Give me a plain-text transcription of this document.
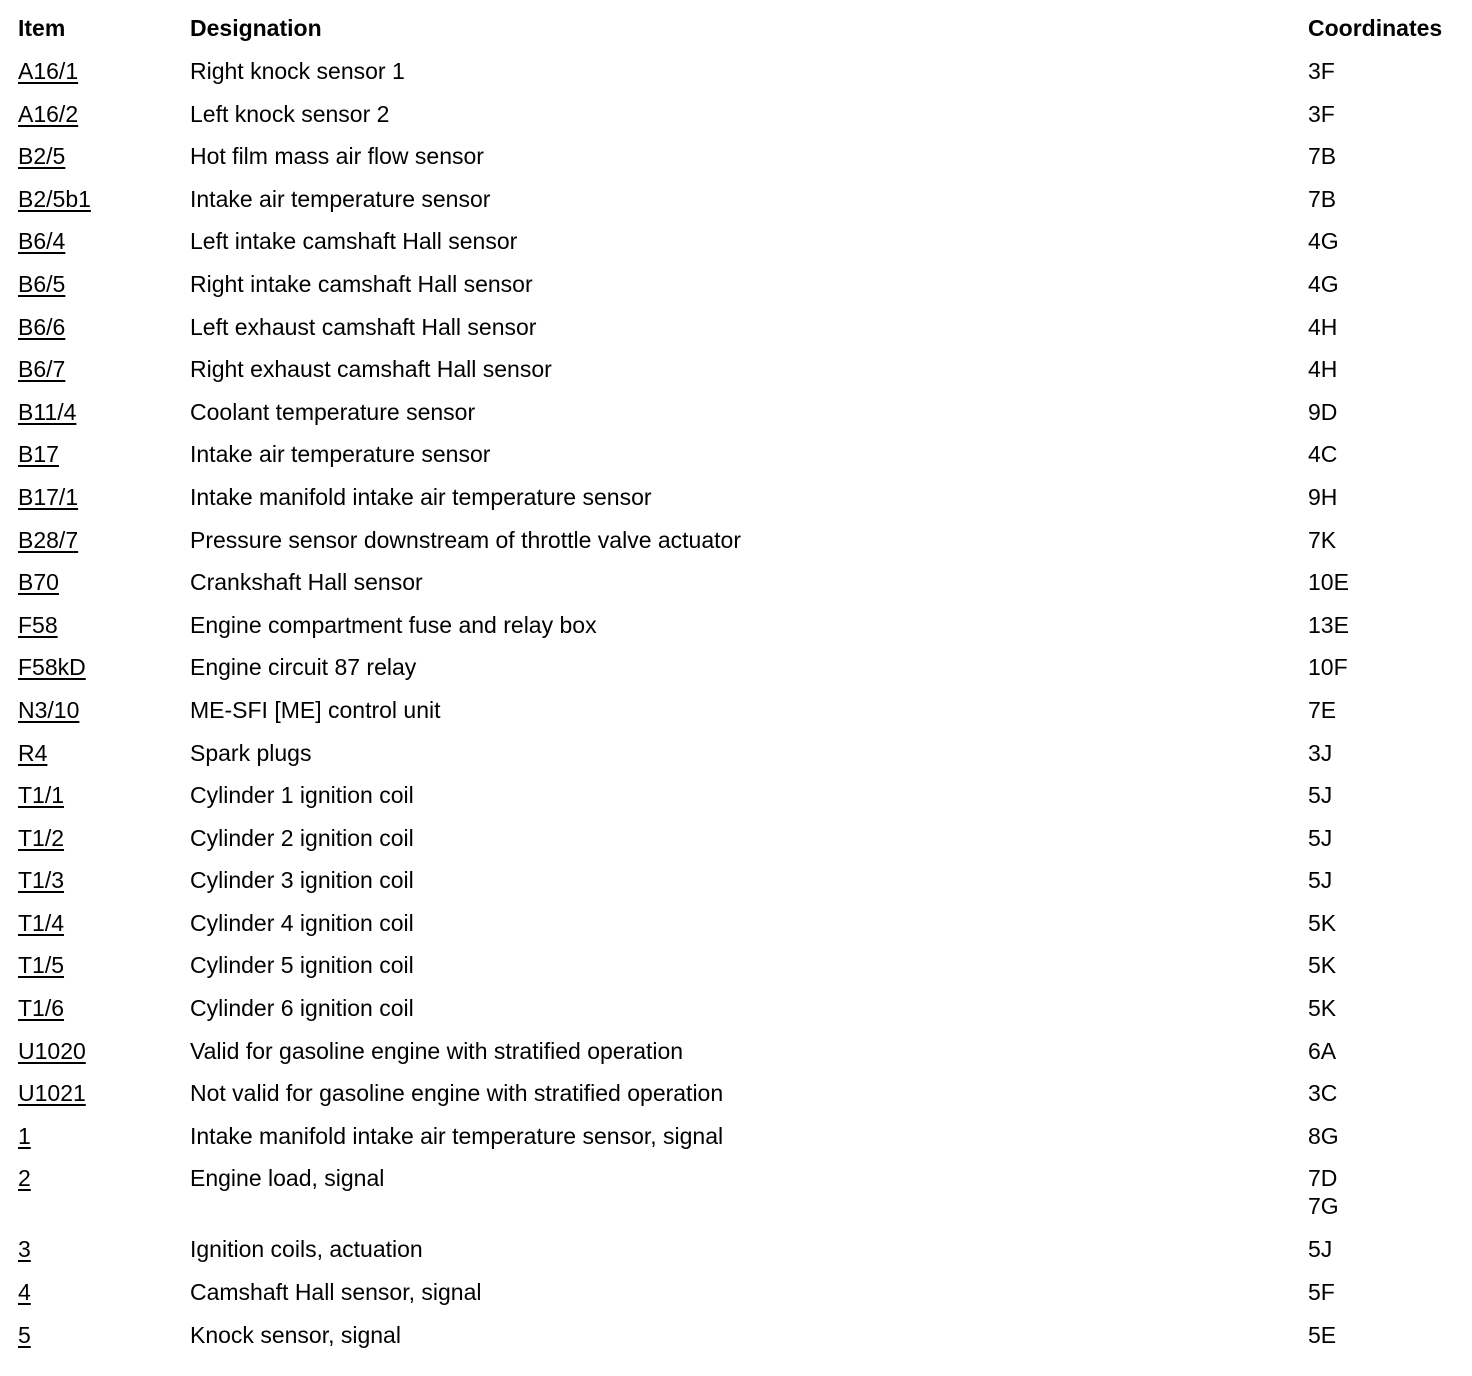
Item	Designation	Coordinates
A16/1	Right knock sensor 1	3F
A16/2	Left knock sensor 2	3F
B2/5	Hot film mass air flow sensor	7B
B2/5b1	Intake air temperature sensor	7B
B6/4	Left intake camshaft Hall sensor	4G
B6/5	Right intake camshaft Hall sensor	4G
B6/6	Left exhaust camshaft Hall sensor	4H
B6/7	Right exhaust camshaft Hall sensor	4H
B11/4	Coolant temperature sensor	9D
B17	Intake air temperature sensor	4C
B17/1	Intake manifold intake air temperature sensor	9H
B28/7	Pressure sensor downstream of throttle valve actuator	7K
B70	Crankshaft Hall sensor	10E
F58	Engine compartment fuse and relay box	13E
F58kD	Engine circuit 87 relay	10F
N3/10	ME-SFI [ME] control unit	7E
R4	Spark plugs	3J
T1/1	Cylinder 1 ignition coil	5J
T1/2	Cylinder 2 ignition coil	5J
T1/3	Cylinder 3 ignition coil	5J
T1/4	Cylinder 4 ignition coil	5K
T1/5	Cylinder 5 ignition coil	5K
T1/6	Cylinder 6 ignition coil	5K
U1020	Valid for gasoline engine with stratified operation	6A
U1021	Not valid for gasoline engine with stratified operation	3C
1	Intake manifold intake air temperature sensor, signal	8G
2	Engine load, signal	7D
7G
3	Ignition coils, actuation	5J
4	Camshaft Hall sensor, signal	5F
5	Knock sensor, signal	5E
